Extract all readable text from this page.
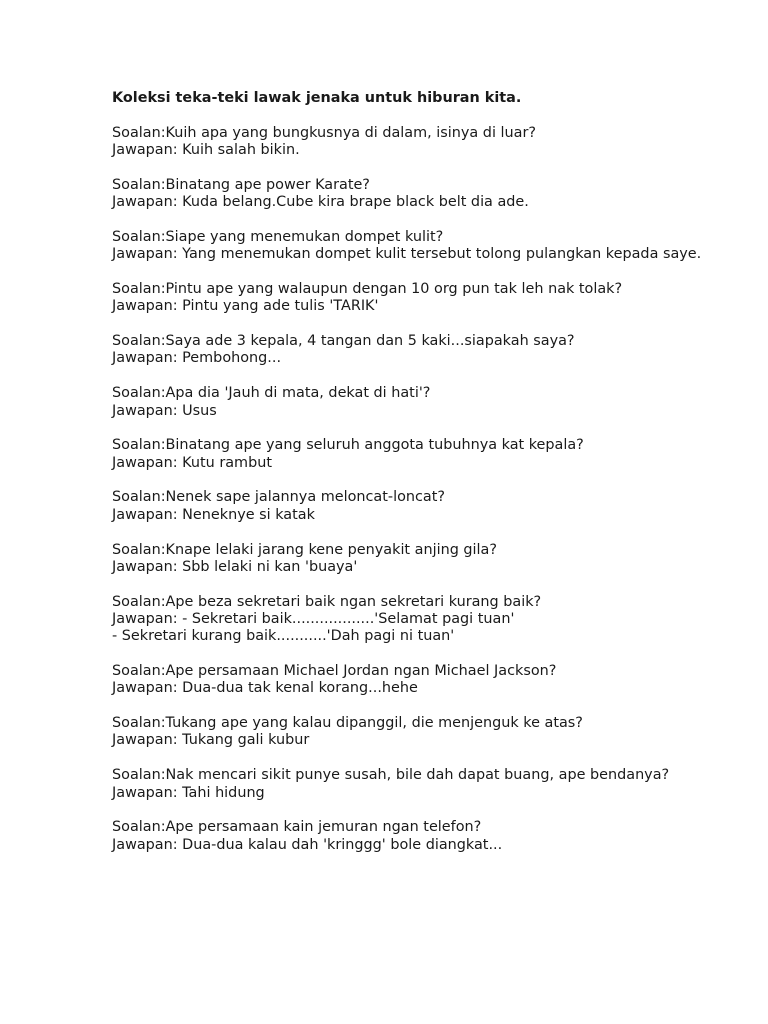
Koleksi teka-teki lawak jenaka untuk hiburan kita.
Soalan:Kuih apa yang bungkusnya di dalam, isinya di luar?
Jawapan: Kuih salah bikin.
Soalan:Binatang ape power Karate?
Jawapan: Kuda belang.Cube kira brape black belt dia ade.
Soalan:Siape yang menemukan dompet kulit?
Jawapan: Yang menemukan dompet kulit tersebut tolong pulangkan kepada saye.
Soalan:Pintu ape yang walaupun dengan 10 org pun tak leh nak tolak?
Jawapan: Pintu yang ade tulis 'TARIK'
Soalan:Saya ade 3 kepala, 4 tangan dan 5 kaki...siapakah saya?
Jawapan: Pembohong...
Soalan:Apa dia 'Jauh di mata, dekat di hati'?
Jawapan: Usus
Soalan:Binatang ape yang seluruh anggota tubuhnya kat kepala?
Jawapan: Kutu rambut
Soalan:Nenek sape jalannya meloncat-loncat?
Jawapan: Neneknye si katak
Soalan:Knape lelaki jarang kene penyakit anjing gila?
Jawapan: Sbb lelaki ni kan 'buaya'
Soalan:Ape beza sekretari baik ngan sekretari kurang baik?
Jawapan: - Sekretari baik..................'Selamat pagi tuan'
- Sekretari kurang baik...........'Dah pagi ni tuan'
Soalan:Ape persamaan Michael Jordan ngan Michael Jackson?
Jawapan: Dua-dua tak kenal korang...hehe
Soalan:Tukang ape yang kalau dipanggil, die menjenguk ke atas?
Jawapan: Tukang gali kubur
Soalan:Nak mencari sikit punye susah, bile dah dapat buang, ape bendanya?
Jawapan: Tahi hidung
Soalan:Ape persamaan kain jemuran ngan telefon?
Jawapan: Dua-dua kalau dah 'kringgg' bole diangkat...
